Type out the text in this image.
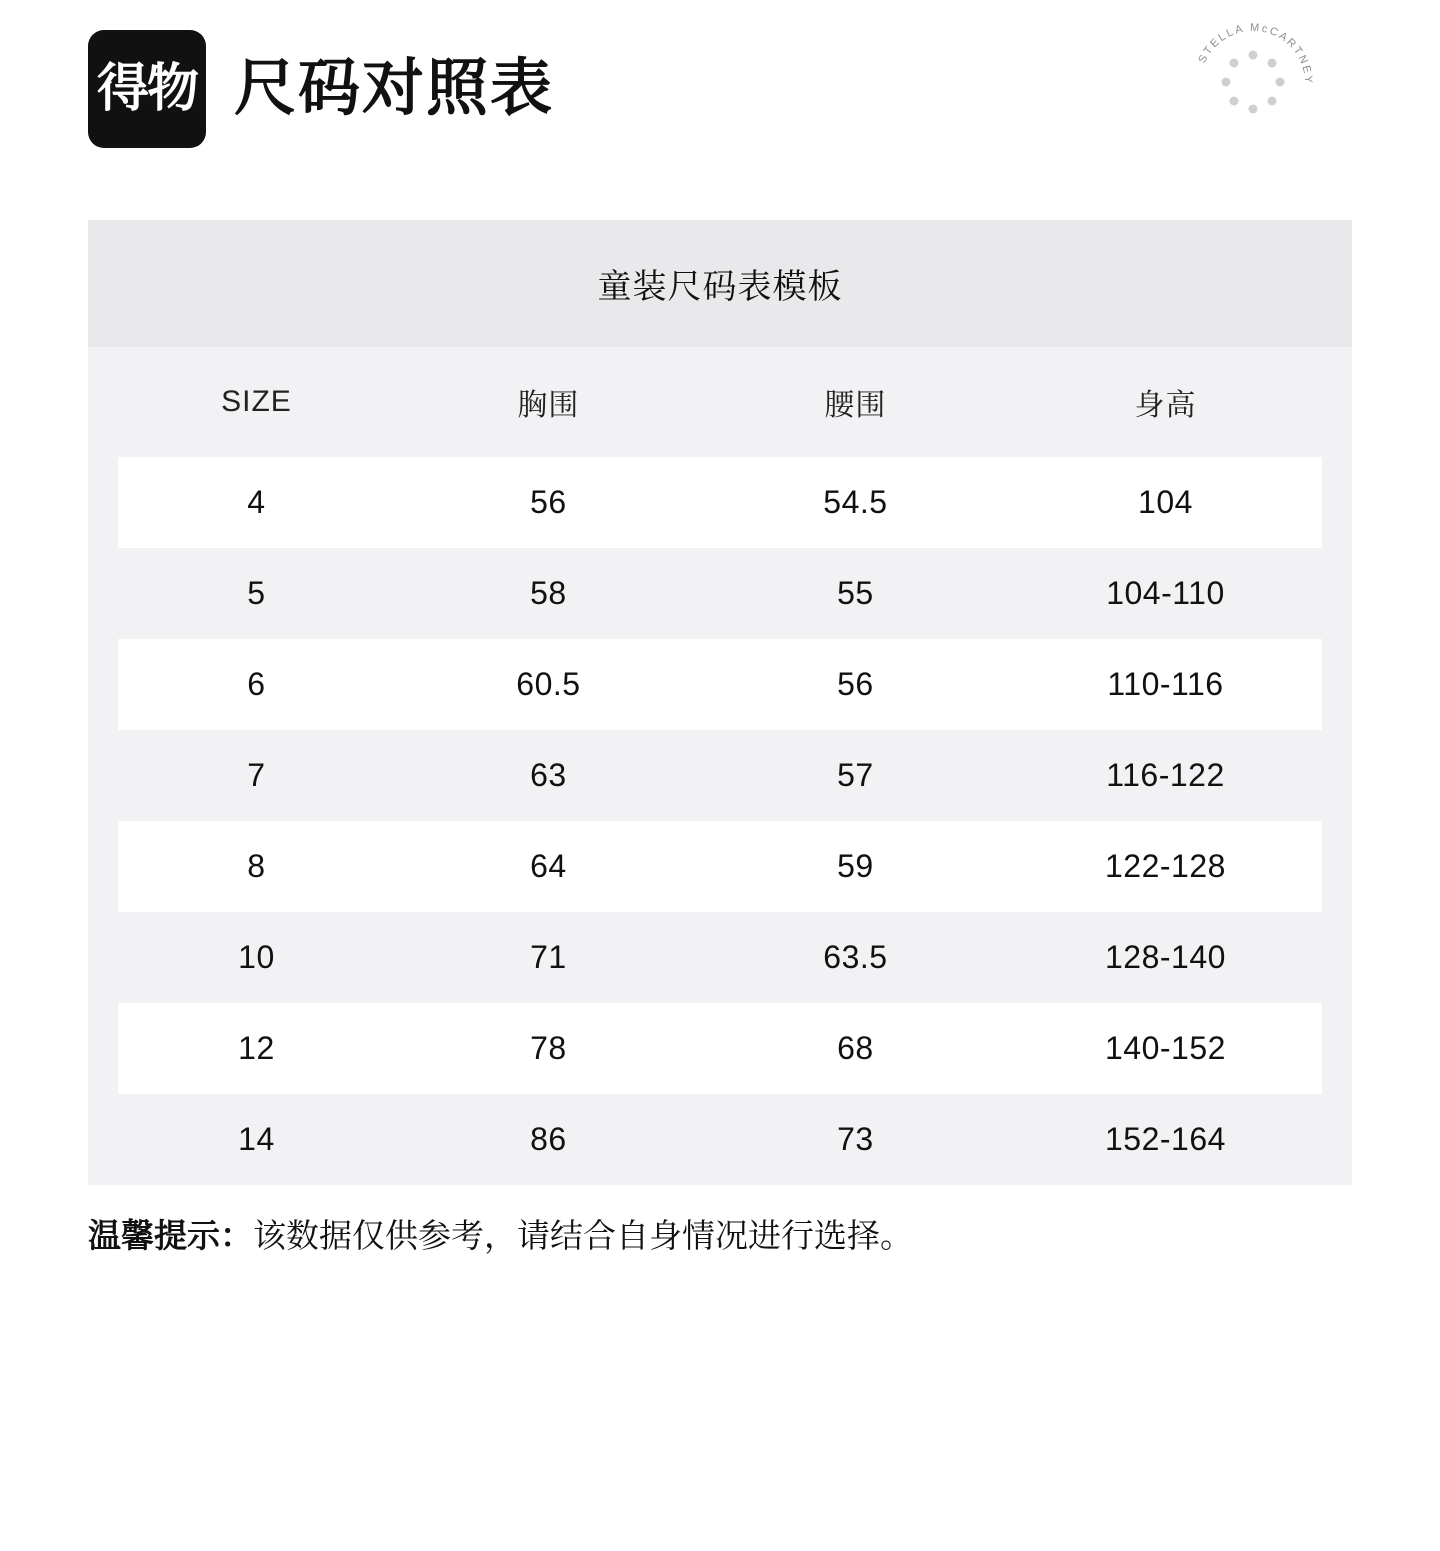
得物 尺码对照表	STELLA McCARTNEY
童装尺码表模板
SIZE	胸围	腰围	身高
4	56	54.5	104
5	58	55	104-110
6	60.5	56	110-116
7	63	57	116-122
8	64	59	122-128
10	71	63.5	128-140
12	78	68	140-152
14	86	73	152-164
温馨提示：该数据仅供参考，请结合自身情况进行选择。
